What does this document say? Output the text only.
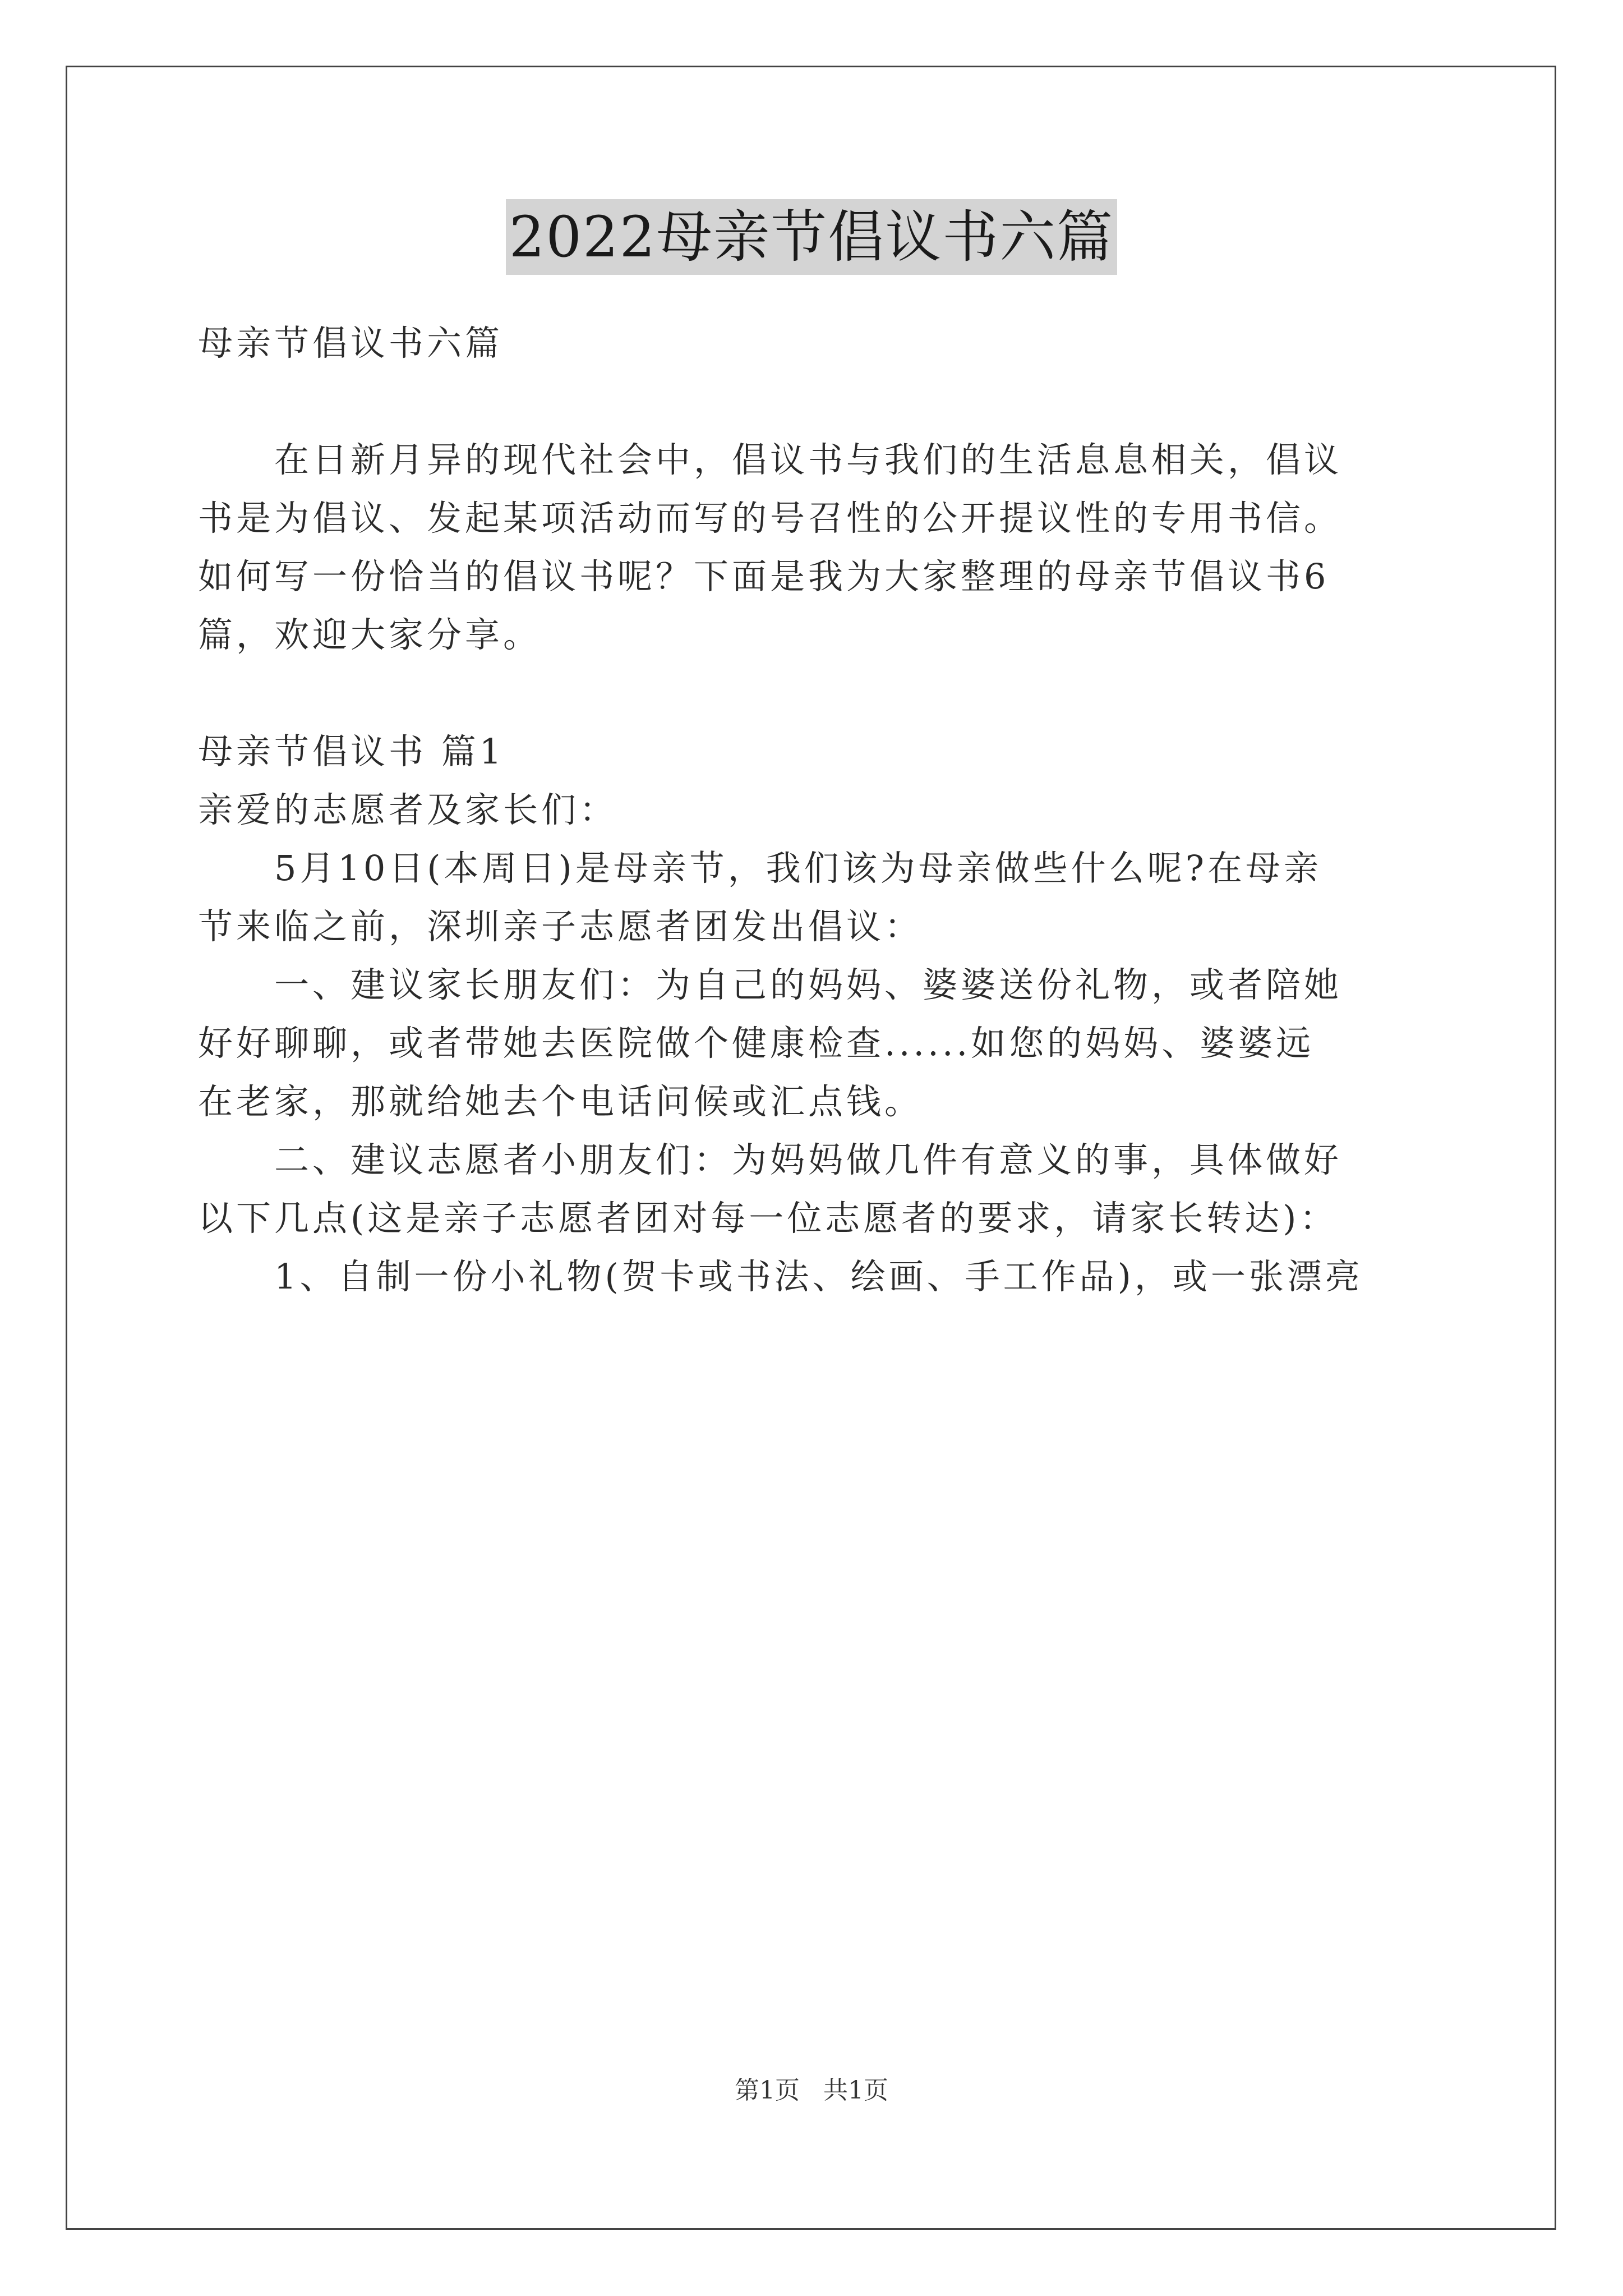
2022母亲节倡议书六篇
母亲节倡议书六篇
　　在日新月异的现代社会中，倡议书与我们的生活息息相关，倡议
书是为倡议、发起某项活动而写的号召性的公开提议性的专用书信。
如何写一份恰当的倡议书呢？下面是我为大家整理的母亲节倡议书6
篇，欢迎大家分享。
母亲节倡议书 篇1
亲爱的志愿者及家长们：
　　5月10日(本周日)是母亲节，我们该为母亲做些什么呢?在母亲
节来临之前，深圳亲子志愿者团发出倡议：
　　一、建议家长朋友们：为自己的妈妈、婆婆送份礼物，或者陪她
好好聊聊，或者带她去医院做个健康检查......如您的妈妈、婆婆远
在老家，那就给她去个电话问候或汇点钱。
　　二、建议志愿者小朋友们：为妈妈做几件有意义的事，具体做好
以下几点(这是亲子志愿者团对每一位志愿者的要求，请家长转达)：
　　1、自制一份小礼物(贺卡或书法、绘画、手工作品)，或一张漂亮
第1页 共1页
